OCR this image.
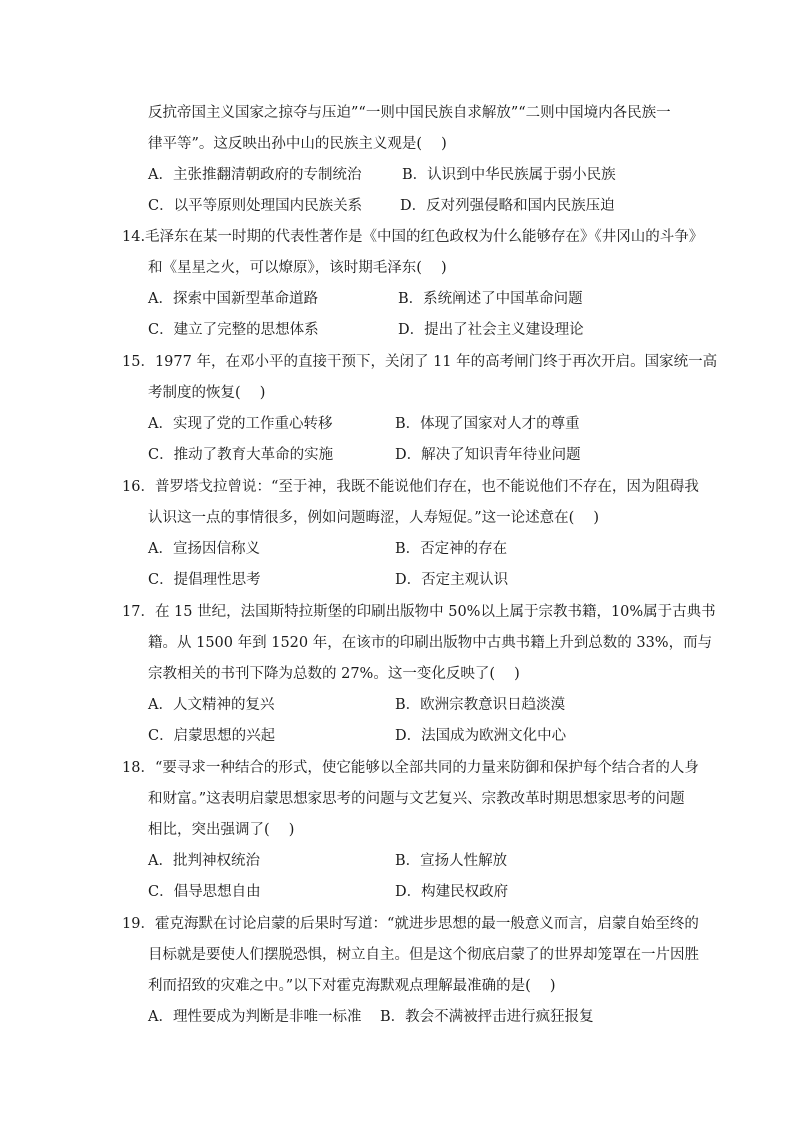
反抗帝国主义国家之掠夺与压迫”“一则中国民族自求解放”“二则中国境内各民族一
律平等”。这反映出孙中山的民族主义观是(　 )
A．主张推翻清朝政府的专制统治	B．认识到中华民族属于弱小民族
C．以平等原则处理国内民族关系	D．反对列强侵略和国内民族压迫
14.毛泽东在某一时期的代表性著作是《中国的红色政权为什么能够存在》《井冈山的斗争》
和《星星之火，可以燎原》，该时期毛泽东(　 )
A．探索中国新型革命道路	B．系统阐述了中国革命问题
C．建立了完整的思想体系	D．提出了社会主义建设理论
15．1977 年，在邓小平的直接干预下，关闭了 11 年的高考闸门终于再次开启。国家统一高
考制度的恢复(　 )
A．实现了党的工作重心转移	B．体现了国家对人才的尊重
C．推动了教育大革命的实施	D．解决了知识青年待业问题
16．普罗塔戈拉曾说：“至于神，我既不能说他们存在，也不能说他们不存在，因为阻碍我
认识这一点的事情很多，例如问题晦涩，人寿短促。”这一论述意在(　 )
A．宣扬因信称义	B．否定神的存在
C．提倡理性思考	D．否定主观认识
17．在 15 世纪，法国斯特拉斯堡的印刷出版物中 50%以上属于宗教书籍，10%属于古典书
籍。从 1500 年到 1520 年，在该市的印刷出版物中古典书籍上升到总数的 33%，而与
宗教相关的书刊下降为总数的 27%。这一变化反映了(　 )
A．人文精神的复兴	B．欧洲宗教意识日趋淡漠
C．启蒙思想的兴起	D．法国成为欧洲文化中心
18．“要寻求一种结合的形式，使它能够以全部共同的力量来防御和保护每个结合者的人身
和财富。”这表明启蒙思想家思考的问题与文艺复兴、宗教改革时期思想家思考的问题
相比，突出强调了(　 )
A．批判神权统治	B．宣扬人性解放
C．倡导思想自由	D．构建民权政府
19．霍克海默在讨论启蒙的后果时写道：“就进步思想的最一般意义而言，启蒙自始至终的
目标就是要使人们摆脱恐惧，树立自主。但是这个彻底启蒙了的世界却笼罩在一片因胜
利而招致的灾难之中。”以下对霍克海默观点理解最准确的是(　 )
A．理性要成为判断是非唯一标准 B．教会不满被抨击进行疯狂报复
